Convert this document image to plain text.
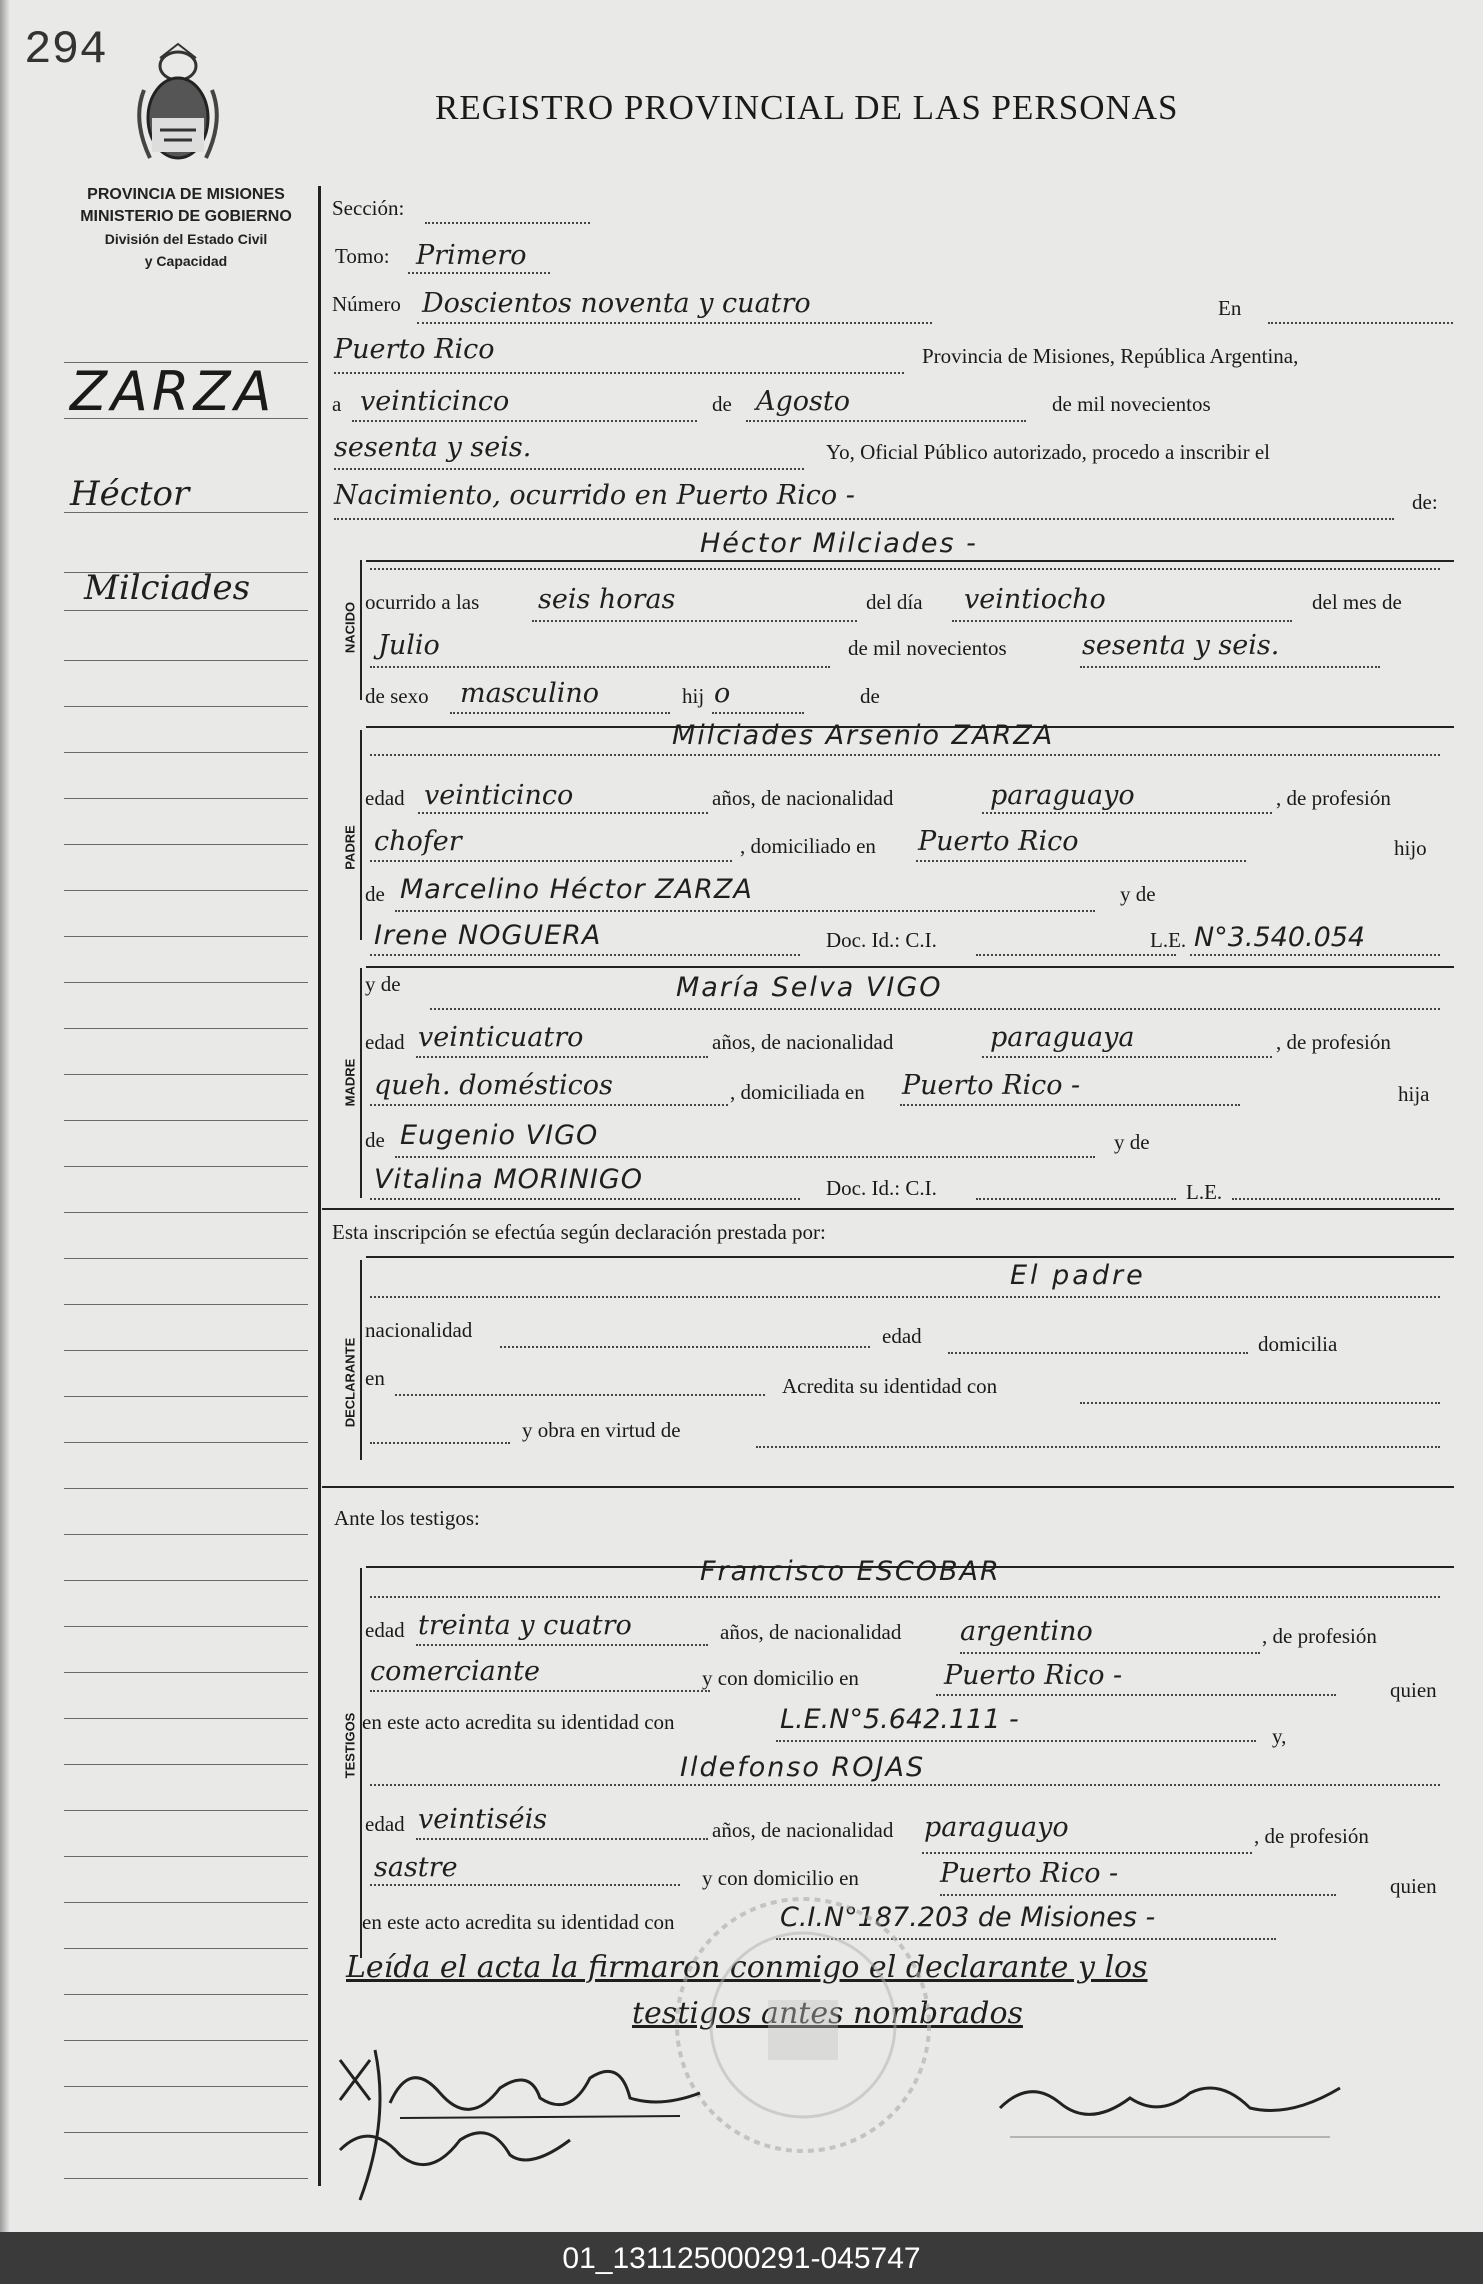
294
PROVINCIA DE MISIONES
MINISTERIO DE GOBIERNO
División del Estado Civil
y Capacidad
REGISTRO PROVINCIAL DE LAS PERSONAS
ZARZA
Héctor
Milciades
NACIDO
PADRE
MADRE
DECLARANTE
TESTIGOS
Sección:
Tomo: Primero
Número Doscientos noventa y cuatro	En
Puerto Rico	Provincia de Misiones, República Argentina,
a veinticinco	de Agosto	de mil novecientos
sesenta y seis.	Yo, Oficial Público autorizado, procedo a inscribir el
Nacimiento, ocurrido en Puerto Rico -	de:
Héctor Milciades -
ocurrido a las seis horas	del día veintiocho	del mes de
Julio	de mil novecientos	sesenta y seis.
de sexo masculino	hij o	de
Milciades Arsenio ZARZA
edad veinticinco	años, de nacionalidad	paraguayo	, de profesión
chofer	, domiciliado en Puerto Rico	hijo
de Marcelino Héctor ZARZA	y de
Irene NOGUERA	Doc. Id.: C.I.	L.E. N°3.540.054
y de	María Selva VIGO
edad veinticuatro	años, de nacionalidad	paraguaya	, de profesión
queh. domésticos	, domiciliada en Puerto Rico -	hija
de Eugenio VIGO	y de
Vitalina MORINIGO	Doc. Id.: C.I.	L.E.
Esta inscripción se efectúa según declaración prestada por:
El padre
nacionalidad	edad	domicilia
en	Acredita su identidad con
y obra en virtud de
Ante los testigos:
Francisco ESCOBAR
edad treinta y cuatro	años, de nacionalidad argentino	, de profesión
comerciante	y con domicilio en	Puerto Rico -	quien
en este acto acredita su identidad con	L.E.N°5.642.111 -
y,
Ildefonso ROJAS
edad veintiséis	años, de nacionalidad paraguayo	, de profesión
sastre	y con domicilio en	Puerto Rico -	quien
en este acto acredita su identidad con	C.I.N°187.203 de Misiones -
Leída el acta la firmaron conmigo el declarante y los
testigos antes nombrados
01_131125000291-045747
